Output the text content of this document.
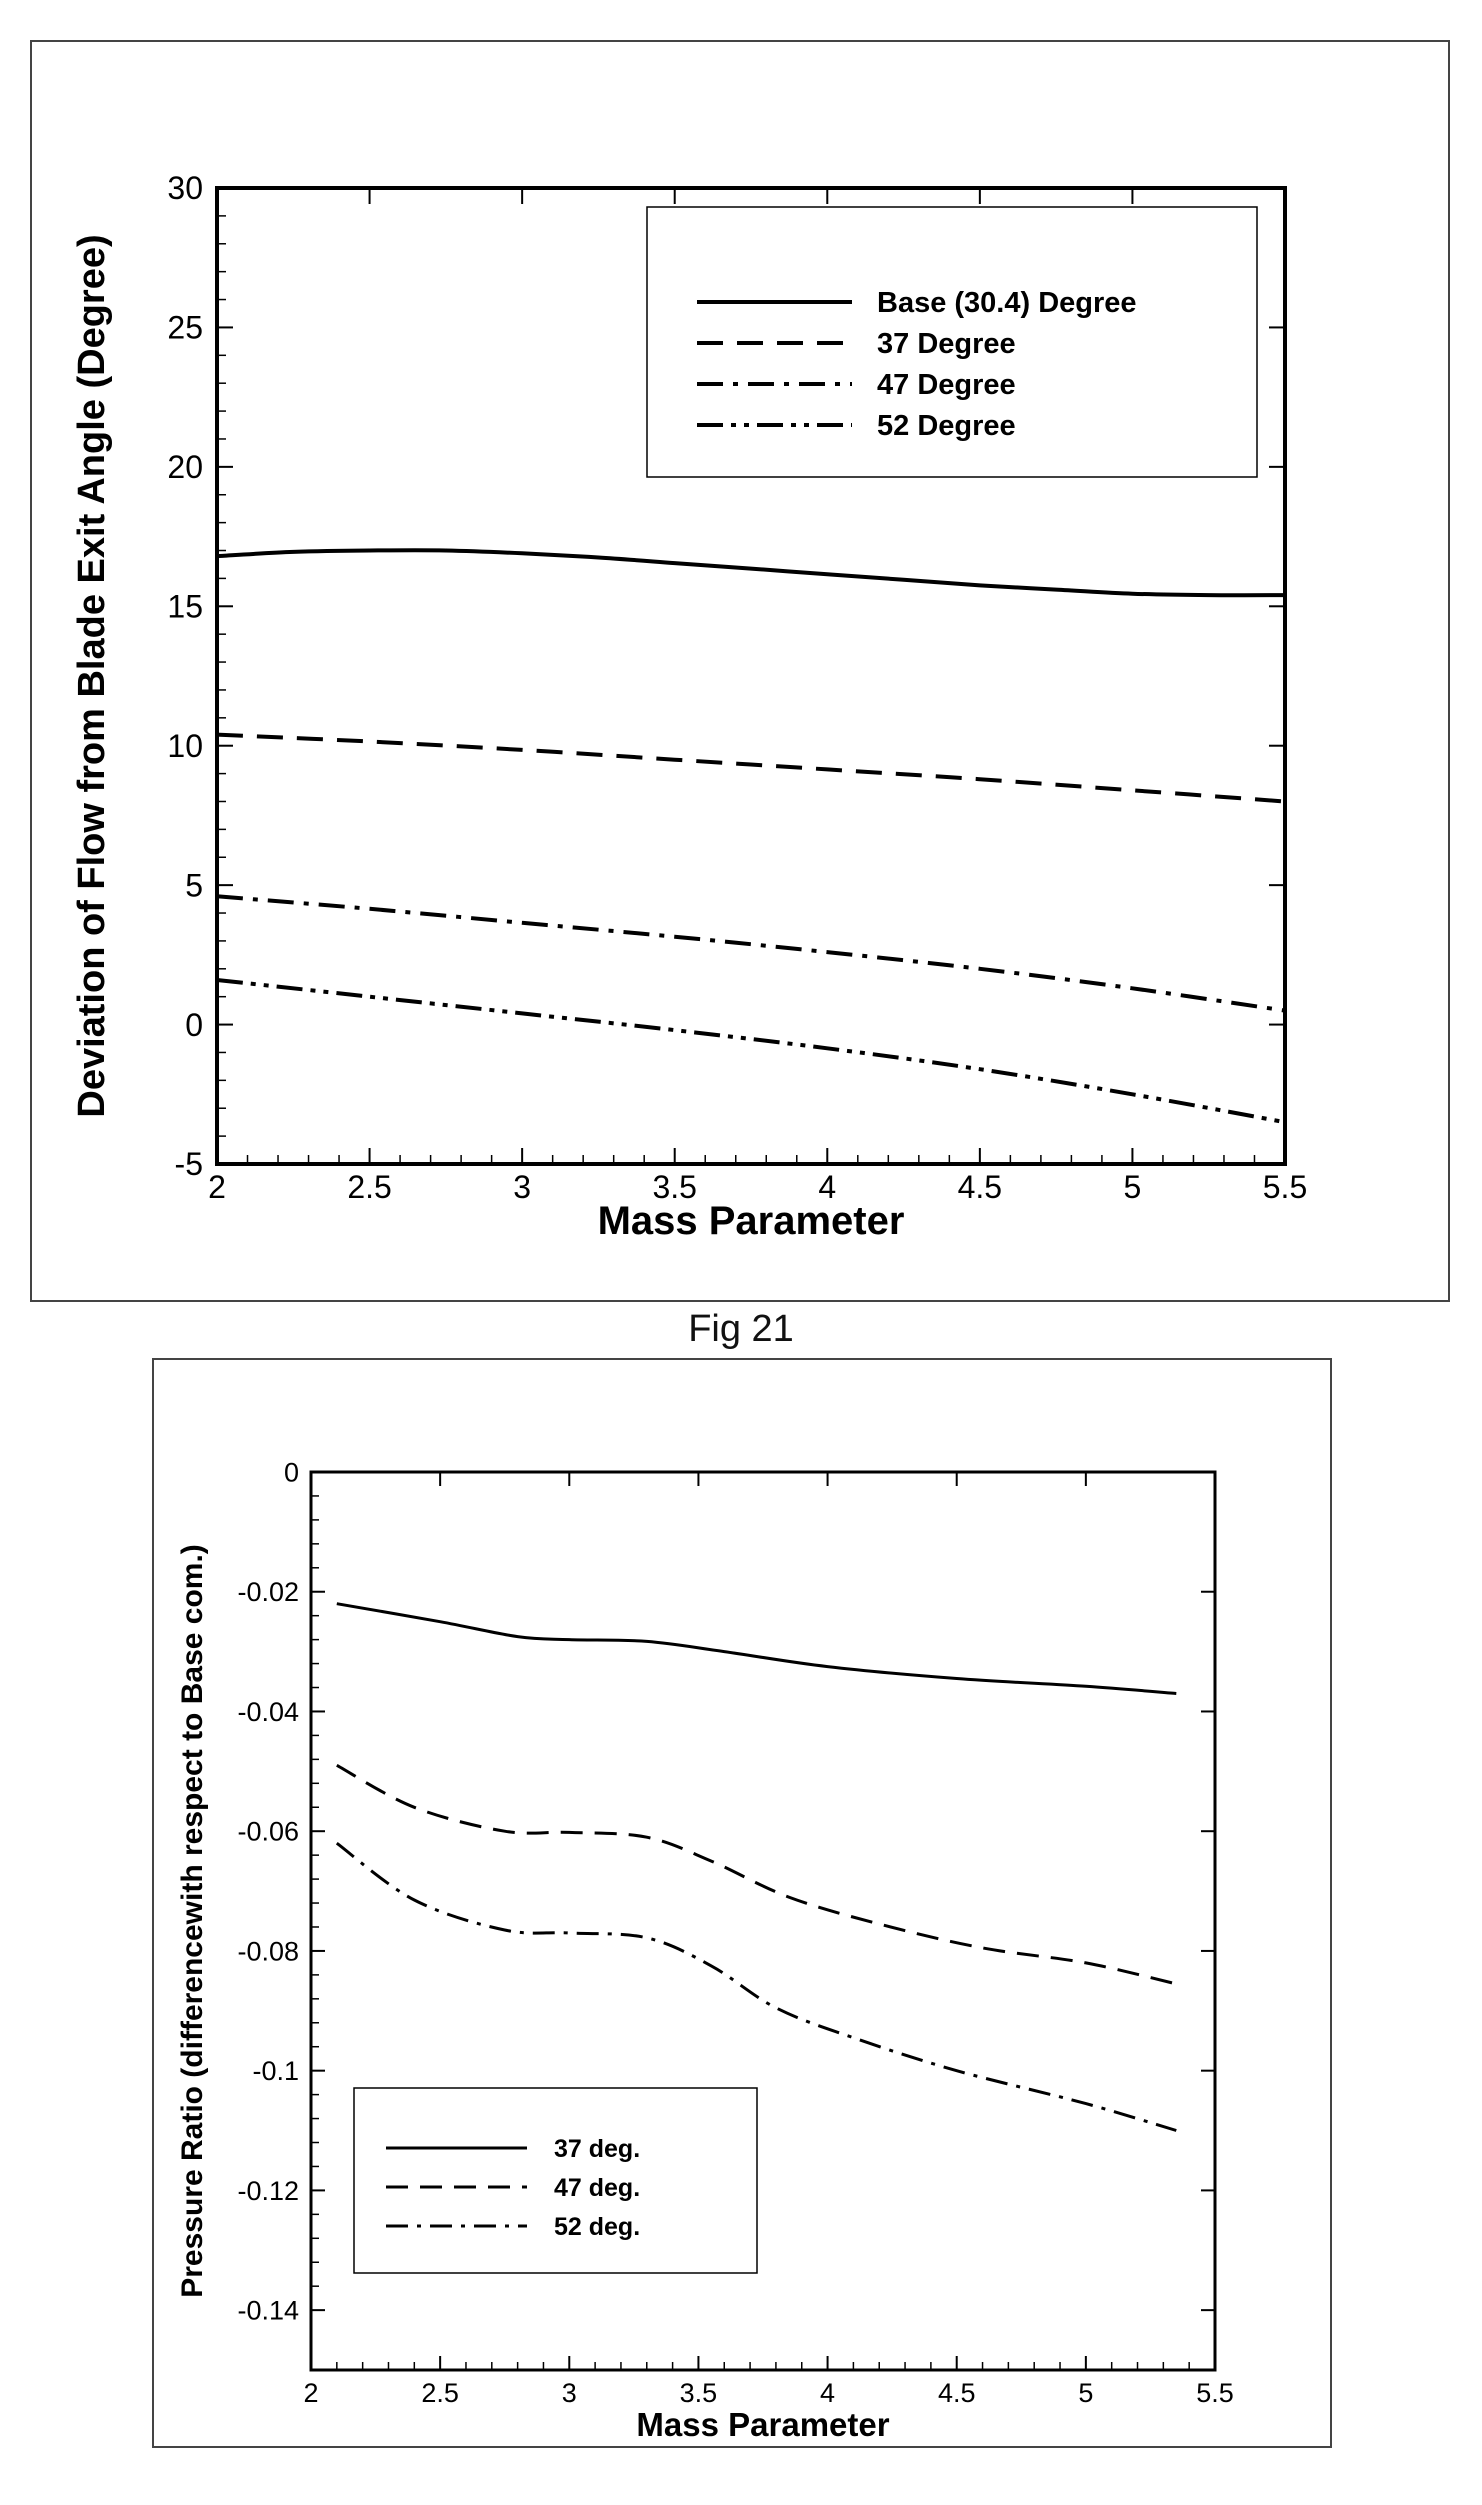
2	2.5	3	3.5	4	4.5	5	5.5
-5
0
5
10
15
20
25
30
Mass Parameter
Deviation of Flow from Blade Exit Angle (Degree)	Base (30.4) Degree
37 Degree
47 Degree
52 Degree
Fig 21
2	2.5	3	3.5	4	4.5	5	5.5
0
-0.02
-0.04
-0.06
-0.08
-0.1
-0.12
-0.14
Mass Parameter
Pressure Ratio (differencewith respect to Base com.)	37 deg.
47 deg.
52 deg.
